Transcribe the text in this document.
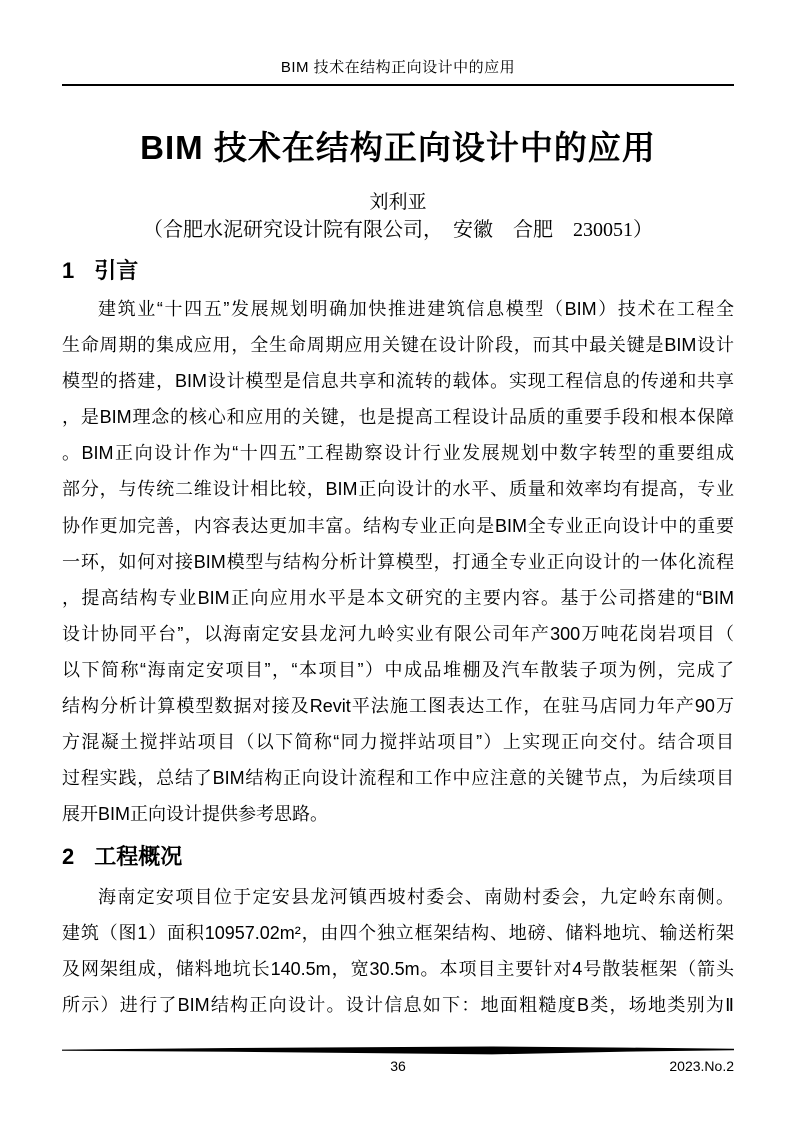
BIM 技术在结构正向设计中的应用
BIM 技术在结构正向设计中的应用
刘利亚
（合肥水泥研究设计院有限公司，　安徽　合肥　230051）
1 引言
建筑业“十四五”发展规划明确加快推进建筑信息模型（BIM）技术在工程全
生命周期的集成应用，全生命周期应用关键在设计阶段，而其中最关键是BIM设计
模型的搭建，BIM设计模型是信息共享和流转的载体。实现工程信息的传递和共享
，是BIM理念的核心和应用的关键，也是提高工程设计品质的重要手段和根本保障
。BIM正向设计作为“十四五”工程勘察设计行业发展规划中数字转型的重要组成
部分，与传统二维设计相比较，BIM正向设计的水平、质量和效率均有提高，专业
协作更加完善，内容表达更加丰富。结构专业正向是BIM全专业正向设计中的重要
一环，如何对接BIM模型与结构分析计算模型，打通全专业正向设计的一体化流程
，提高结构专业BIM正向应用水平是本文研究的主要内容。基于公司搭建的“BIM
设计协同平台”，以海南定安县龙河九岭实业有限公司年产300万吨花岗岩项目（
以下简称“海南定安项目”，“本项目”）中成品堆棚及汽车散装子项为例，完成了
结构分析计算模型数据对接及Revit平法施工图表达工作，在驻马店同力年产90万
方混凝土搅拌站项目（以下简称“同力搅拌站项目”）上实现正向交付。结合项目
过程实践，总结了BIM结构正向设计流程和工作中应注意的关键节点，为后续项目
展开BIM正向设计提供参考思路。
2 工程概况
海南定安项目位于定安县龙河镇西坡村委会、南勋村委会，九定岭东南侧。
建筑（图1）面积10957.02m²，由四个独立框架结构、地磅、储料地坑、输送桁架
及网架组成，储料地坑长140.5m，宽30.5m。本项目主要针对4号散装框架（箭头
所示）进行了BIM结构正向设计。设计信息如下：地面粗糙度B类，场地类别为Ⅱ
36	2023.No.2
